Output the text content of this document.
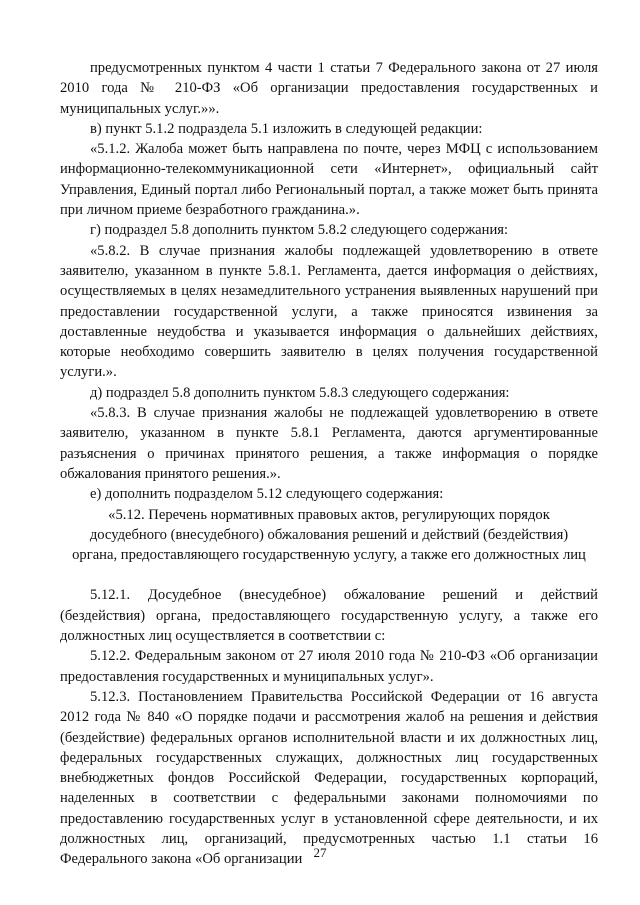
предусмотренных пунктом 4 части 1 статьи 7 Федерального закона от 27 июля 2010 года № 210-ФЗ «Об организации предоставления государственных и муниципальных услуг.»».

в) пункт 5.1.2 подраздела 5.1 изложить в следующей редакции:

«5.1.2. Жалоба может быть направлена по почте, через МФЦ с использованием информационно-телекоммуникационной сети «Интернет», официальный сайт Управления, Единый портал либо Региональный портал, а также может быть принята при личном приеме безработного гражданина.».

г) подраздел 5.8 дополнить пунктом 5.8.2 следующего содержания:

«5.8.2. В случае признания жалобы подлежащей удовлетворению в ответе заявителю, указанном в пункте 5.8.1. Регламента, дается информация о действиях, осуществляемых в целях незамедлительного устранения выявленных нарушений при предоставлении государственной услуги, а также приносятся извинения за доставленные неудобства и указывается информация о дальнейших действиях, которые необходимо совершить заявителю в целях получения государственной услуги.».

д) подраздел 5.8 дополнить пунктом 5.8.3 следующего содержания:

«5.8.3. В случае признания жалобы не подлежащей удовлетворению в ответе заявителю, указанном в пункте 5.8.1 Регламента, даются аргументированные разъяснения о причинах принятого решения, а также информация о порядке обжалования принятого решения.».

е) дополнить подразделом 5.12 следующего содержания:

«5.12. Перечень нормативных правовых актов, регулирующих порядок

досудебного (внесудебного) обжалования решений и действий (бездействия)

органа, предоставляющего государственную услугу, а также его должностных лиц

5.12.1. Досудебное (внесудебное) обжалование решений и действий (бездействия) органа, предоставляющего государственную услугу, а также его должностных лиц осуществляется в соответствии с:

5.12.2. Федеральным законом от 27 июля 2010 года № 210-ФЗ «Об организации предоставления государственных и муниципальных услуг».

5.12.3. Постановлением Правительства Российской Федерации от 16 августа 2012 года № 840 «О порядке подачи и рассмотрения жалоб на решения и действия (бездействие) федеральных органов исполнительной власти и их должностных лиц, федеральных государственных служащих, должностных лиц государственных внебюджетных фондов Российской Федерации, государственных корпораций, наделенных в соответствии с федеральными законами полномочиями по предоставлению государственных услуг в установленной сфере деятельности, и их должностных лиц, организаций, предусмотренных частью 1.1 статьи 16 Федерального закона «Об организации 27
